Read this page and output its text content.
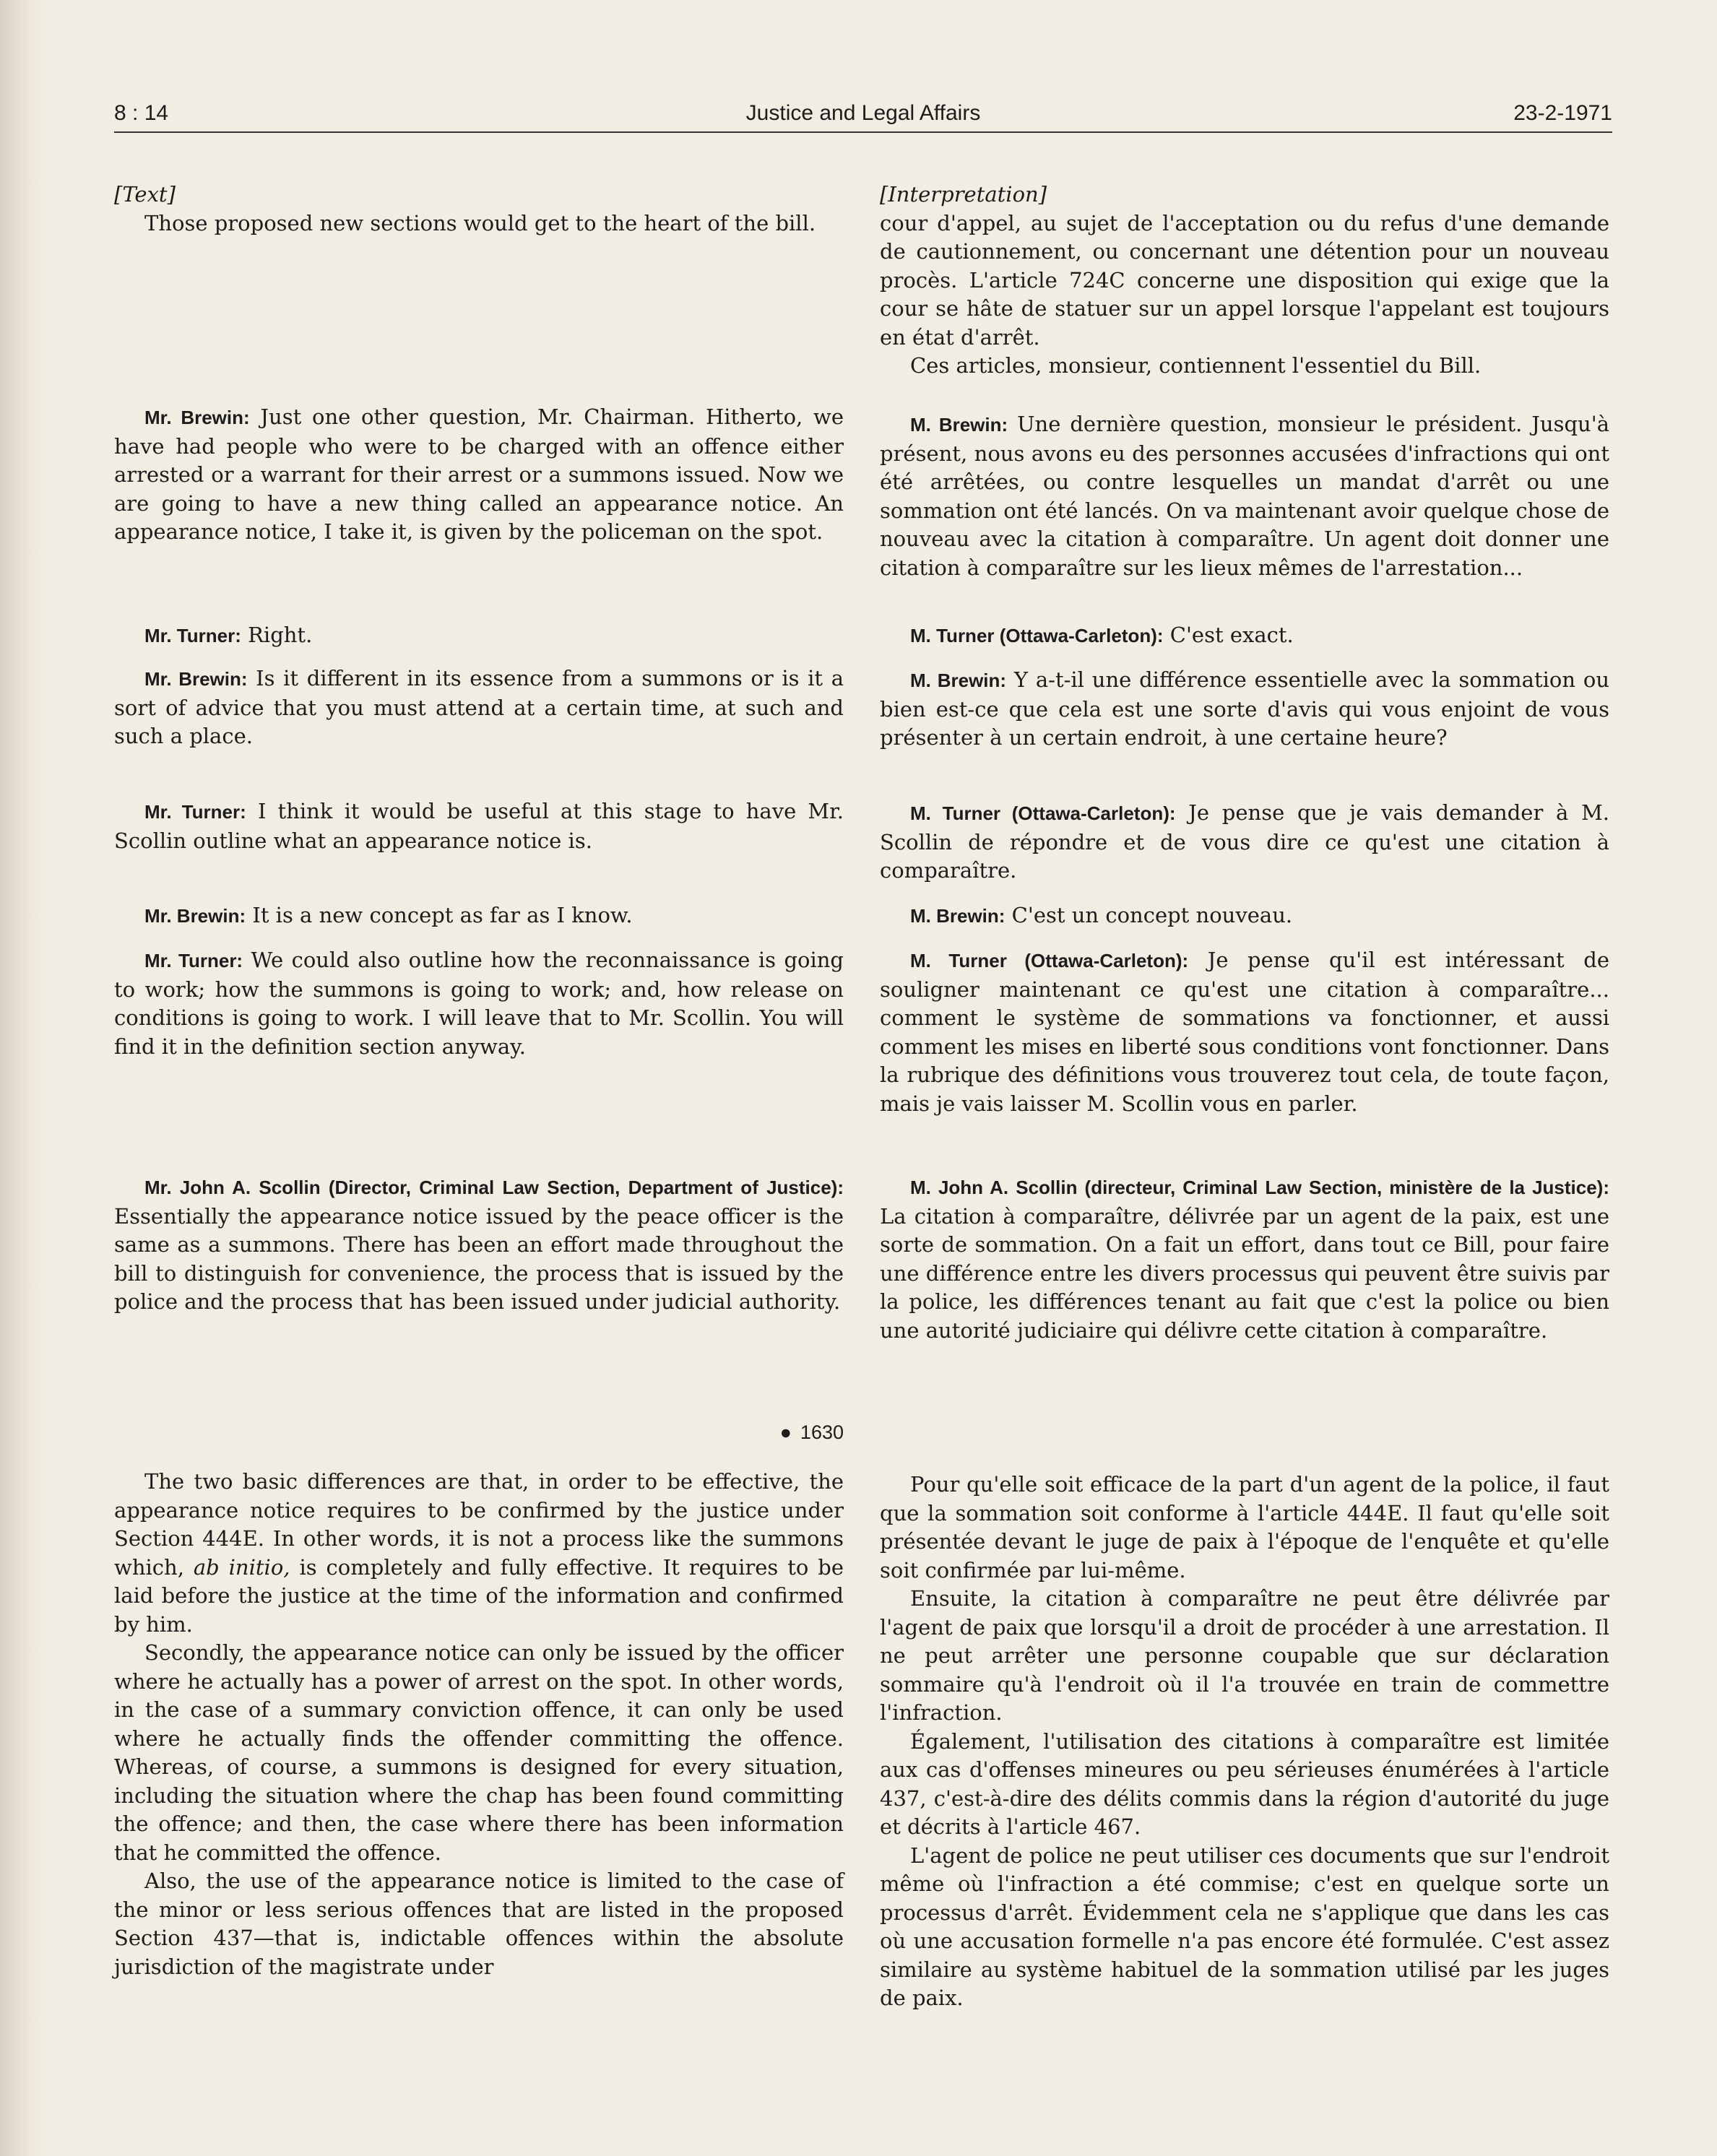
8 : 14	Justice and Legal Affairs	23-2-1971
[Text]

Those proposed new sections would get to the heart of the bill.

Mr. Brewin: Just one other question, Mr. Chairman. Hitherto, we have had people who were to be charged with an offence either arrested or a warrant for their arrest or a summons issued. Now we are going to have a new thing called an appearance notice. An appearance notice, I take it, is given by the policeman on the spot.

Mr. Turner: Right.

Mr. Brewin: Is it different in its essence from a summons or is it a sort of advice that you must attend at a certain time, at such and such a place.

Mr. Turner: I think it would be useful at this stage to have Mr. Scollin outline what an appearance notice is.

Mr. Brewin: It is a new concept as far as I know.

Mr. Turner: We could also outline how the reconnaissance is going to work; how the summons is going to work; and, how release on conditions is going to work. I will leave that to Mr. Scollin. You will find it in the definition section anyway.

Mr. John A. Scollin (Director, Criminal Law Section, Department of Justice): Essentially the appearance notice issued by the peace officer is the same as a summons. There has been an effort made throughout the bill to distinguish for convenience, the process that is issued by the police and the process that has been issued under judicial authority.

● 1630

The two basic differences are that, in order to be effective, the appearance notice requires to be confirmed by the justice under Section 444E. In other words, it is not a process like the summons which, ab initio, is completely and fully effective. It requires to be laid before the justice at the time of the information and confirmed by him.

Secondly, the appearance notice can only be issued by the officer where he actually has a power of arrest on the spot. In other words, in the case of a summary conviction offence, it can only be used where he actually finds the offender committing the offence. Whereas, of course, a summons is designed for every situation, including the situation where the chap has been found committing the offence; and then, the case where there has been information that he committed the offence.

Also, the use of the appearance notice is limited to the case of the minor or less serious offences that are listed in the proposed Section 437—that is, indictable offences within the absolute jurisdiction of the magistrate under

[Interpretation]

cour d'appel, au sujet de l'acceptation ou du refus d'une demande de cautionnement, ou concernant une détention pour un nouveau procès. L'article 724C concerne une disposition qui exige que la cour se hâte de statuer sur un appel lorsque l'appelant est toujours en état d'arrêt.

Ces articles, monsieur, contiennent l'essentiel du Bill.

M. Brewin: Une dernière question, monsieur le président. Jusqu'à présent, nous avons eu des personnes accusées d'infractions qui ont été arrêtées, ou contre lesquelles un mandat d'arrêt ou une sommation ont été lancés. On va maintenant avoir quelque chose de nouveau avec la citation à comparaître. Un agent doit donner une citation à comparaître sur les lieux mêmes de l'arrestation...

M. Turner (Ottawa-Carleton): C'est exact.

M. Brewin: Y a-t-il une différence essentielle avec la sommation ou bien est-ce que cela est une sorte d'avis qui vous enjoint de vous présenter à un certain endroit, à une certaine heure?

M. Turner (Ottawa-Carleton): Je pense que je vais demander à M. Scollin de répondre et de vous dire ce qu'est une citation à comparaître.

M. Brewin: C'est un concept nouveau.

M. Turner (Ottawa-Carleton): Je pense qu'il est intéressant de souligner maintenant ce qu'est une citation à comparaître... comment le système de sommations va fonctionner, et aussi comment les mises en liberté sous conditions vont fonctionner. Dans la rubrique des définitions vous trouverez tout cela, de toute façon, mais je vais laisser M. Scollin vous en parler.

M. John A. Scollin (directeur, Criminal Law Section, ministère de la Justice): La citation à comparaître, délivrée par un agent de la paix, est une sorte de sommation. On a fait un effort, dans tout ce Bill, pour faire une différence entre les divers processus qui peuvent être suivis par la police, les différences tenant au fait que c'est la police ou bien une autorité judiciaire qui délivre cette citation à comparaître.

Pour qu'elle soit efficace de la part d'un agent de la police, il faut que la sommation soit conforme à l'article 444E. Il faut qu'elle soit présentée devant le juge de paix à l'époque de l'enquête et qu'elle soit confirmée par lui-même.

Ensuite, la citation à comparaître ne peut être délivrée par l'agent de paix que lorsqu'il a droit de procéder à une arrestation. Il ne peut arrêter une personne coupable que sur déclaration sommaire qu'à l'endroit où il l'a trouvée en train de commettre l'infraction.

Également, l'utilisation des citations à comparaître est limitée aux cas d'offenses mineures ou peu sérieuses énumérées à l'article 437, c'est-à-dire des délits commis dans la région d'autorité du juge et décrits à l'article 467.

L'agent de police ne peut utiliser ces documents que sur l'endroit même où l'infraction a été commise; c'est en quelque sorte un processus d'arrêt. Évidemment cela ne s'applique que dans les cas où une accusation formelle n'a pas encore été formulée. C'est assez similaire au système habituel de la sommation utilisé par les juges de paix.
